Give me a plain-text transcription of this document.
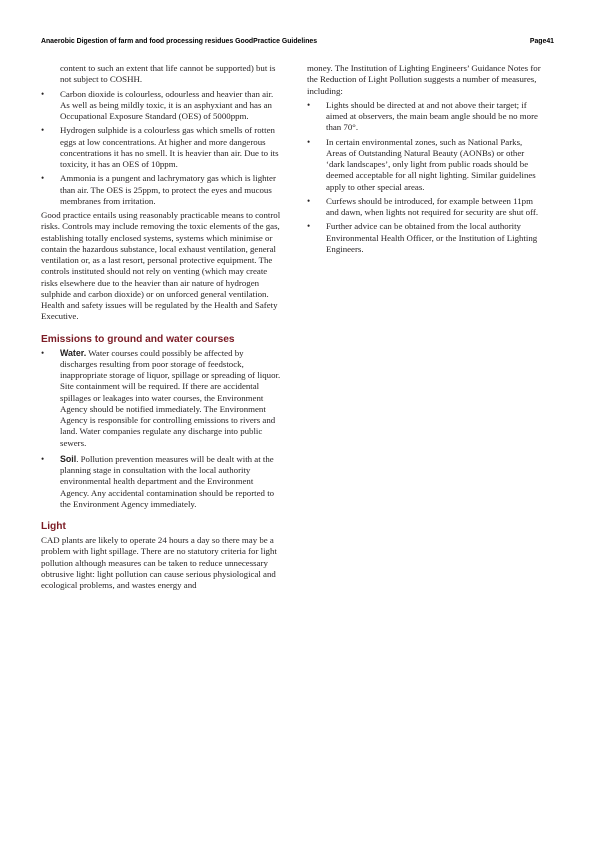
Anaerobic Digestion of farm and food processing residues GoodPractice Guidelines	Page41

content to such an extent that life cannot be supported) but is not subject to COSHH.

• Carbon dioxide is colourless, odourless and heavier than air. As well as being mildly toxic, it is an asphyxiant and has an Occupational Exposure Standard (OES) of 5000ppm.
• Hydrogen sulphide is a colourless gas which smells of rotten eggs at low concentrations. At higher and more dangerous concentrations it has no smell. It is heavier than air. Due to its toxicity, it has an OES of 10ppm.
• Ammonia is a pungent and lachrymatory gas which is lighter than air. The OES is 25ppm, to protect the eyes and mucous membranes from irritation.

Good practice entails using reasonably practicable means to control risks. Controls may include removing the toxic elements of the gas, establishing totally enclosed systems, systems which minimise or contain the hazardous substance, local exhaust ventilation, general ventilation or, as a last resort, personal protective equipment. The controls instituted should not rely on venting (which may create risks elsewhere due to the heavier than air nature of hydrogen sulphide and carbon dioxide) or on unforced general ventilation. Health and safety issues will be regulated by the Health and Safety Executive.

Emissions to ground and water courses
• Water. Water courses could possibly be affected by discharges resulting from poor storage of feedstock, inappropriate storage of liquor, spillage or spreading of liquor. Site containment will be required. If there are accidental spillages or leakages into water courses, the Environment Agency should be notified immediately. The Environment Agency is responsible for controlling emissions to rivers and land. Water companies regulate any discharge into public sewers.
• Soil. Pollution prevention measures will be dealt with at the planning stage in consultation with the local authority environmental health department and the Environment Agency. Any accidental contamination should be reported to the Environment Agency immediately.
Light

CAD plants are likely to operate 24 hours a day so there may be a problem with light spillage. There are no statutory criteria for light pollution although measures can be taken to reduce unnecessary obtrusive light: light pollution can cause serious physiological and ecological problems, and wastes energy and

money. The Institution of Lighting Engineers’ Guidance Notes for the Reduction of Light Pollution suggests a number of measures, including:

• Lights should be directed at and not above their target; if aimed at observers, the main beam angle should be no more than 70°.
• In certain environmental zones, such as National Parks, Areas of Outstanding Natural Beauty (AONBs) or other ‘dark landscapes’, only light from public roads should be deemed acceptable for all night lighting. Similar guidelines apply to other special areas.
• Curfews should be introduced, for example between 11pm and dawn, when lights not required for security are shut off.
• Further advice can be obtained from the local authority Environmental Health Officer, or the Institution of Lighting Engineers.
